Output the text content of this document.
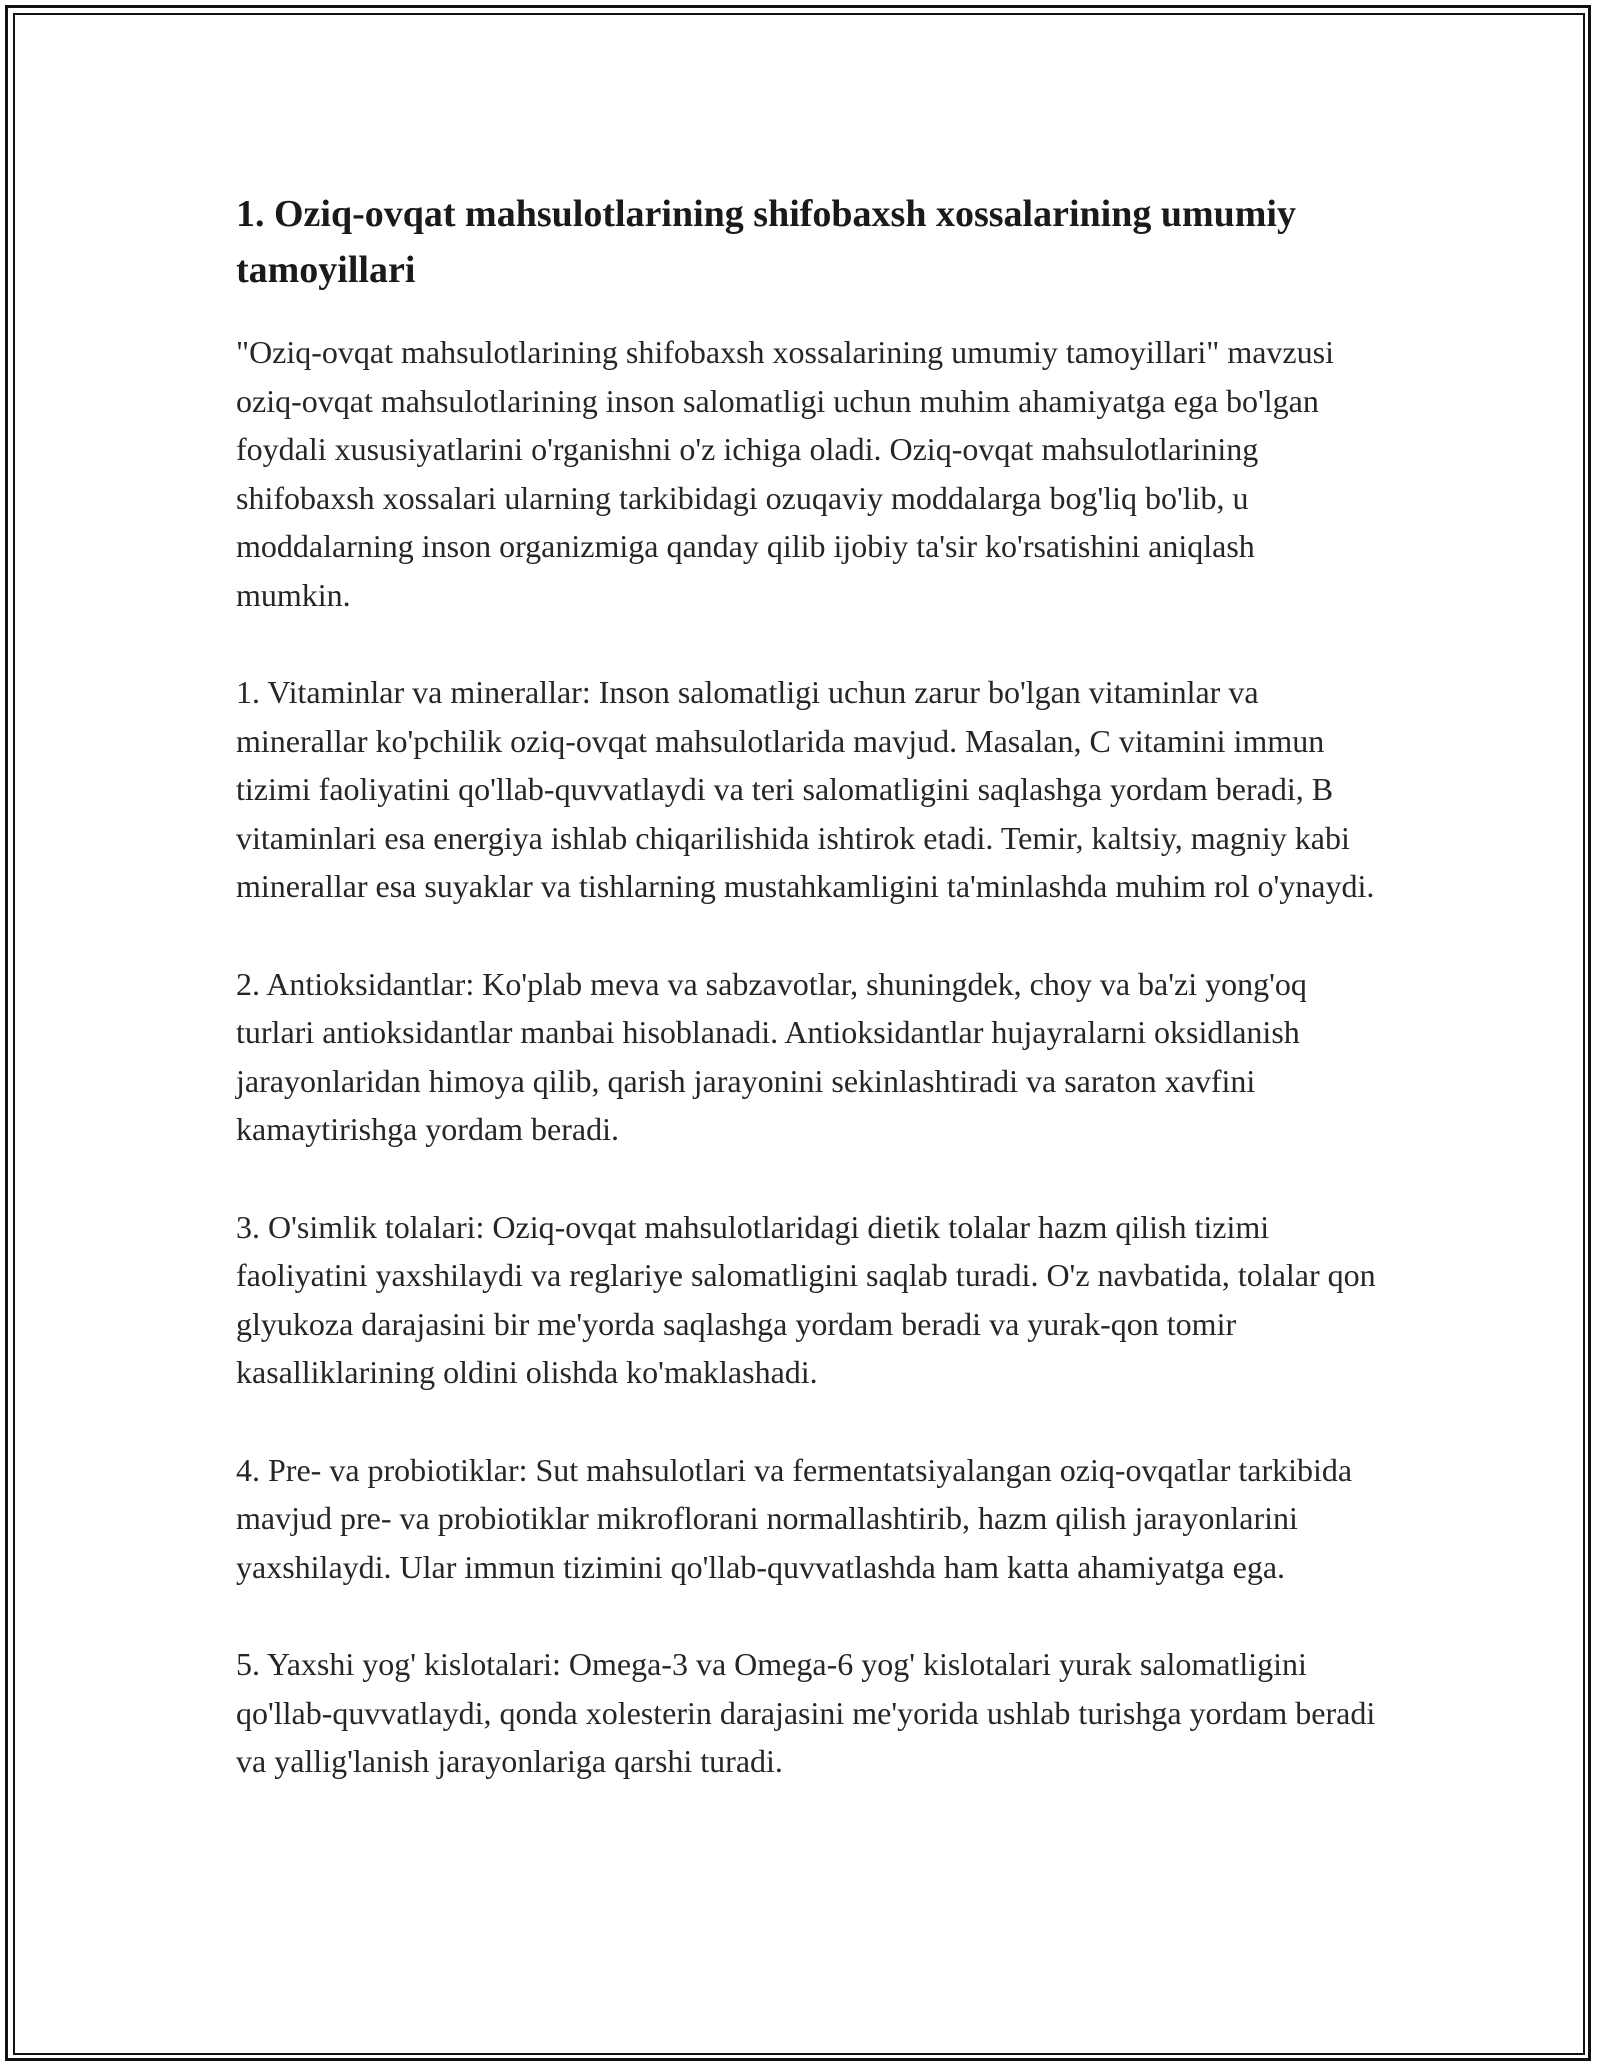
1. Oziq-ovqat mahsulotlarining shifobaxsh xossalarining umumiy tamoyillari

"Oziq-ovqat mahsulotlarining shifobaxsh xossalarining umumiy tamoyillari" mavzusi oziq-ovqat mahsulotlarining inson salomatligi uchun muhim ahamiyatga ega bo'lgan foydali xususiyatlarini o'rganishni o'z ichiga oladi. Oziq-ovqat mahsulotlarining shifobaxsh xossalari ularning tarkibidagi ozuqaviy moddalarga bog'liq bo'lib, u moddalarning inson organizmiga qanday qilib ijobiy ta'sir ko'rsatishini aniqlash mumkin.

1. Vitaminlar va minerallar: Inson salomatligi uchun zarur bo'lgan vitaminlar va minerallar ko'pchilik oziq-ovqat mahsulotlarida mavjud. Masalan, C vitamini immun tizimi faoliyatini qo'llab-quvvatlaydi va teri salomatligini saqlashga yordam beradi, B vitaminlari esa energiya ishlab chiqarilishida ishtirok etadi. Temir, kaltsiy, magniy kabi minerallar esa suyaklar va tishlarning mustahkamligini ta'minlashda muhim rol o'ynaydi.

2. Antioksidantlar: Ko'plab meva va sabzavotlar, shuningdek, choy va ba'zi yong'oq turlari antioksidantlar manbai hisoblanadi. Antioksidantlar hujayralarni oksidlanish jarayonlaridan himoya qilib, qarish jarayonini sekinlashtiradi va saraton xavfini kamaytirishga yordam beradi.

3. O'simlik tolalari: Oziq-ovqat mahsulotlaridagi dietik tolalar hazm qilish tizimi faoliyatini yaxshilaydi va reglariye salomatligini saqlab turadi. O'z navbatida, tolalar qon glyukoza darajasini bir me'yorda saqlashga yordam beradi va yurak-qon tomir kasalliklarining oldini olishda ko'maklashadi.

4. Pre- va probiotiklar: Sut mahsulotlari va fermentatsiyalangan oziq-ovqatlar tarkibida mavjud pre- va probiotiklar mikroflorani normallashtirib, hazm qilish jarayonlarini yaxshilaydi. Ular immun tizimini qo'llab-quvvatlashda ham katta ahamiyatga ega.

5. Yaxshi yog' kislotalari: Omega-3 va Omega-6 yog' kislotalari yurak salomatligini qo'llab-quvvatlaydi, qonda xolesterin darajasini me'yorida ushlab turishga yordam beradi va yallig'lanish jarayonlariga qarshi turadi.
